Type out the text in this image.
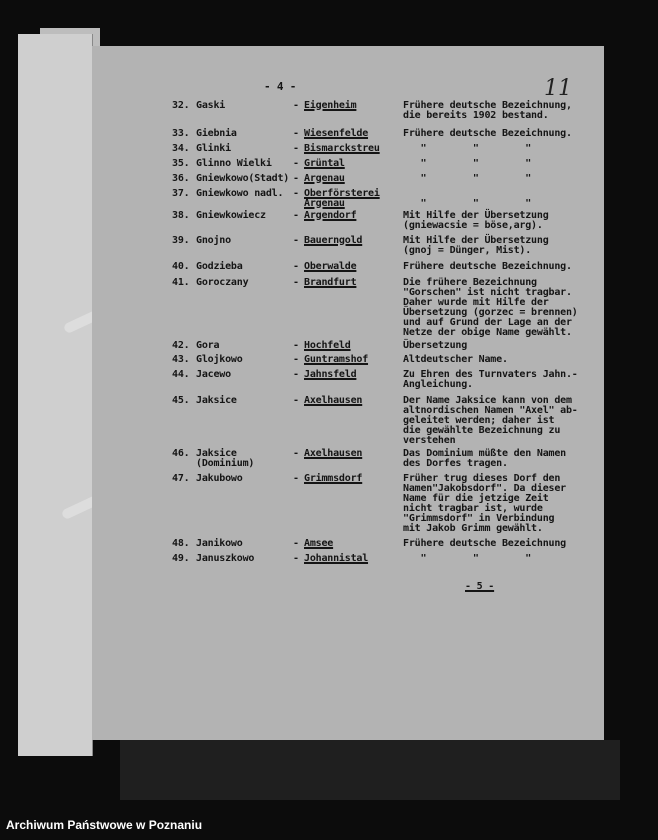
- 4 -	11
- 5 -
32. Gaski	- Eigenheim	Frühere deutsche Bezeichnung,
die bereits 1902 bestand.
33. Giebnia	- Wiesenfelde	Frühere deutsche Bezeichnung.
34. Glinki	- Bismarckstreu "        "        "
35. Glinno Wielki - Grüntal	"        "        "
36. Gniewkowo(Stadt) - Argenau	"        "        "
37. Gniewkowo nadl. - Oberförsterei
Argenau	
"        "        "
38. Gniewkowiecz	- Argendorf	Mit Hilfe der Übersetzung
(gniewacsie = böse,arg).
39. Gnojno	- Bauerngold	Mit Hilfe der Übersetzung
(gnoj = Dünger, Mist).
40. Godzieba	- Oberwalde	Frühere deutsche Bezeichnung.
41. Goroczany	- Brandfurt	Die frühere Bezeichnung
"Gorschen" ist nicht tragbar.
Daher wurde mit Hilfe der
Übersetzung (gorzec = brennen)
und auf Grund der Lage an der
Netze der obige Name gewählt.
42. Gora	- Hochfeld	Übersetzung
43. Glojkowo	- Guntramshof	Altdeutscher Name.
44. Jacewo	- Jahnsfeld	Zu Ehren des Turnvaters Jahn.-
Angleichung.
45. Jaksice	- Axelhausen	Der Name Jaksice kann von dem
altnordischen Namen "Axel" ab-
geleitet werden; daher ist
die gewählte Bezeichnung zu
verstehen
46. Jaksice
(Dominium)
- Axelhausen	Das Dominium müßte den Namen
des Dorfes tragen.
47. Jakubowo	- Grimmsdorf	Früher trug dieses Dorf den
Namen"Jakobsdorf". Da dieser
Name für die jetzige Zeit
nicht tragbar ist, wurde
"Grimmsdorf" in Verbindung
mit Jakob Grimm gewählt.
48. Janikowo	- Amsee	Frühere deutsche Bezeichnung
49. Januszkowo	- Johannistal	"        "        "
Archiwum Państwowe w Poznaniu
